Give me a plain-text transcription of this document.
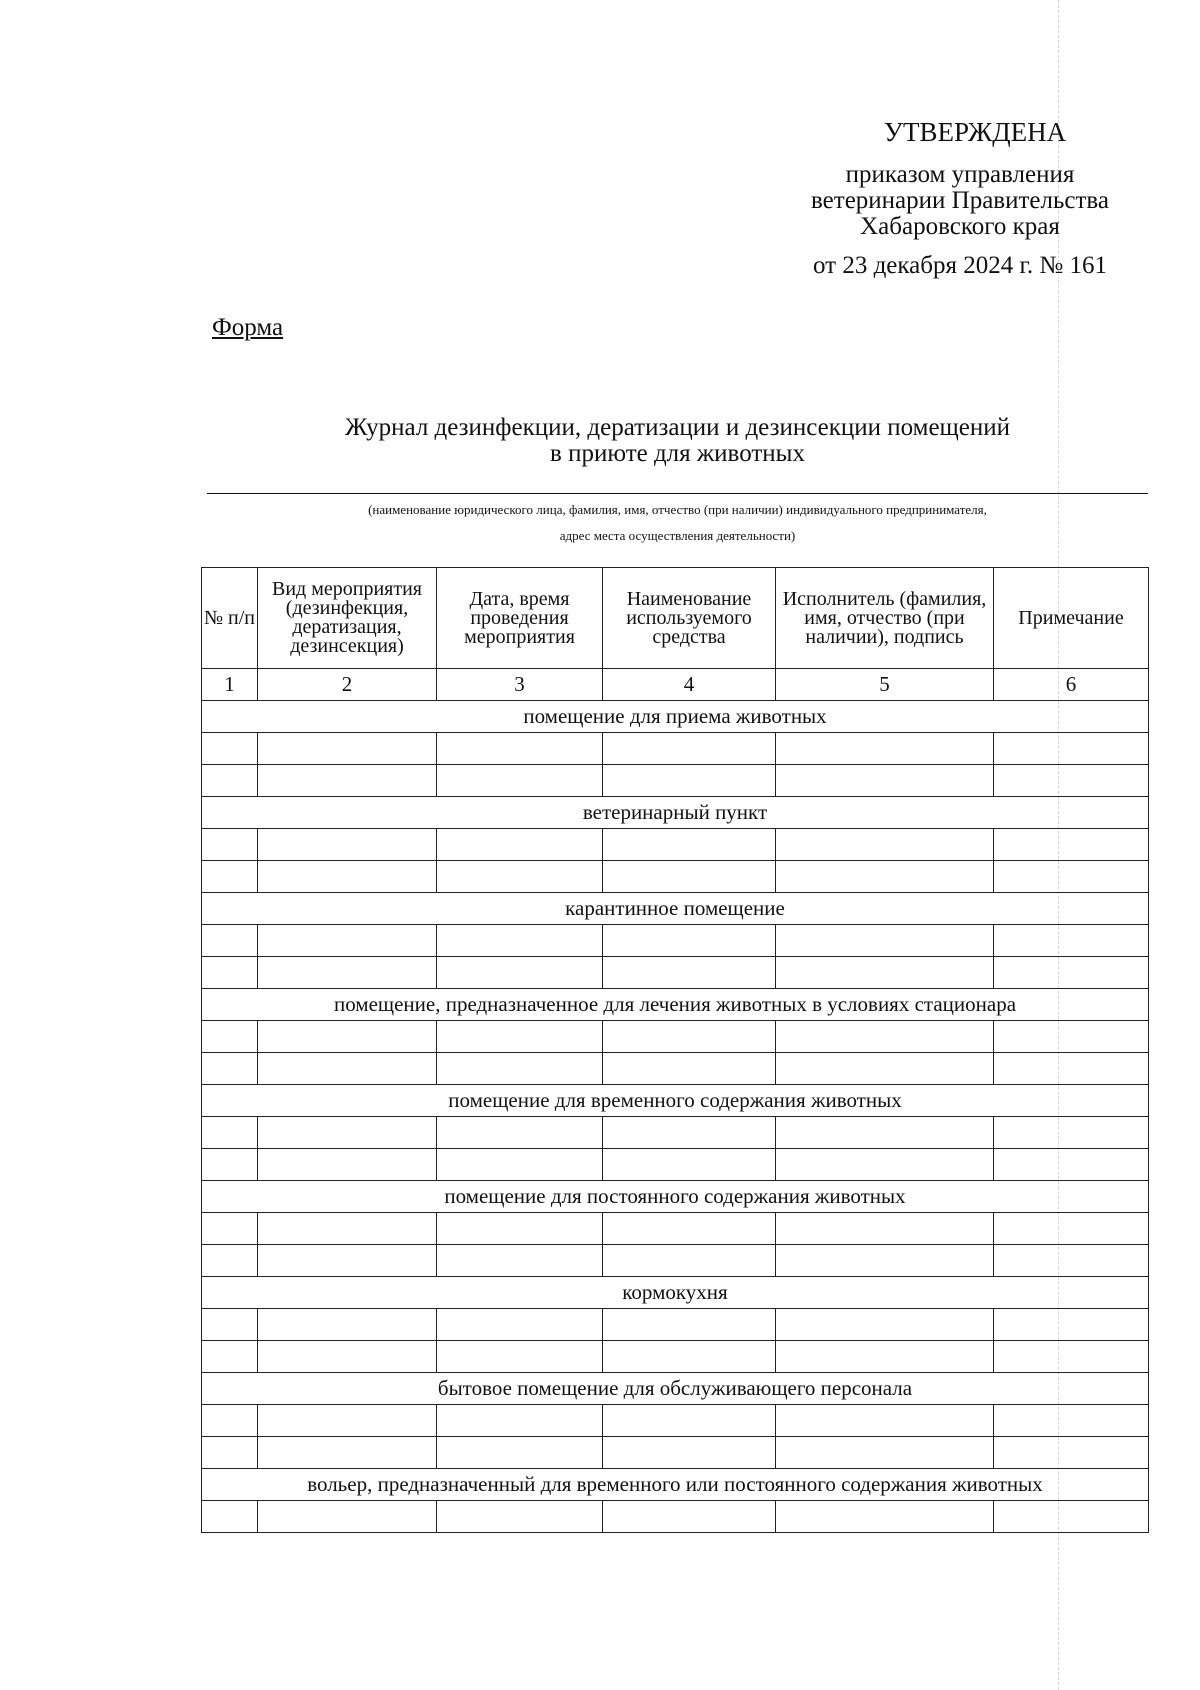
УТВЕРЖДЕНА
приказом управления
ветеринарии Правительства
Хабаровского края
от 23 декабря 2024 г. № 161
Форма
Журнал дезинфекции, дератизации и дезинсекции помещений
в приюте для животных
(наименование юридического лица, фамилия, имя, отчество (при наличии) индивидуального предпринимателя,
адрес места осуществления деятельности)
№ п/п	Вид мероприятия (дезинфекция, дератизация, дезинсекция)	Дата, время проведения мероприятия	Наименование используемого средства	Исполнитель (фамилия, имя, отчество (при наличии), подпись	Примечание
1	2	3	4	5	6
помещение для приема животных					

ветеринарный пункт					

карантинное помещение					

помещение, предназначенное для лечения животных в условиях стационара					

помещение для временного содержания животных					

помещение для постоянного содержания животных					

кормокухня					

бытовое помещение для обслуживающего персонала					

вольер, предназначенный для временного или постоянного содержания животных					
